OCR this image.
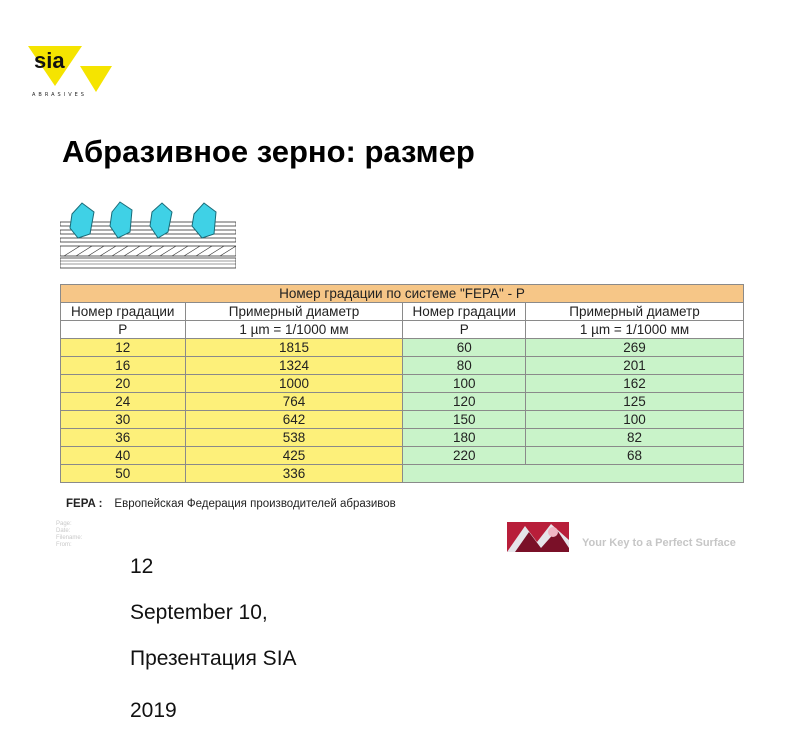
sia
ABRASIVES
Абразивное зерно: размер
Номер градации по системе "FEPA" - P			
Номер градации	Примерный диаметр	Номер градации	Примерный диаметр
P	1 µm = 1/1000 мм	P	1 µm = 1/1000 мм
12	1815	60	269
16	1324	80	201
20	1000	100	162
24	764	120	125
30	642	150	100
36	538	180	82
40	425	220	68
50	336		
FEPA : Европейская Федерация производителей абразивов
Page:
Date:
Filename:
From:

12

September 10,

Презентация SIA

2019

Your Key to a Perfect Surface
